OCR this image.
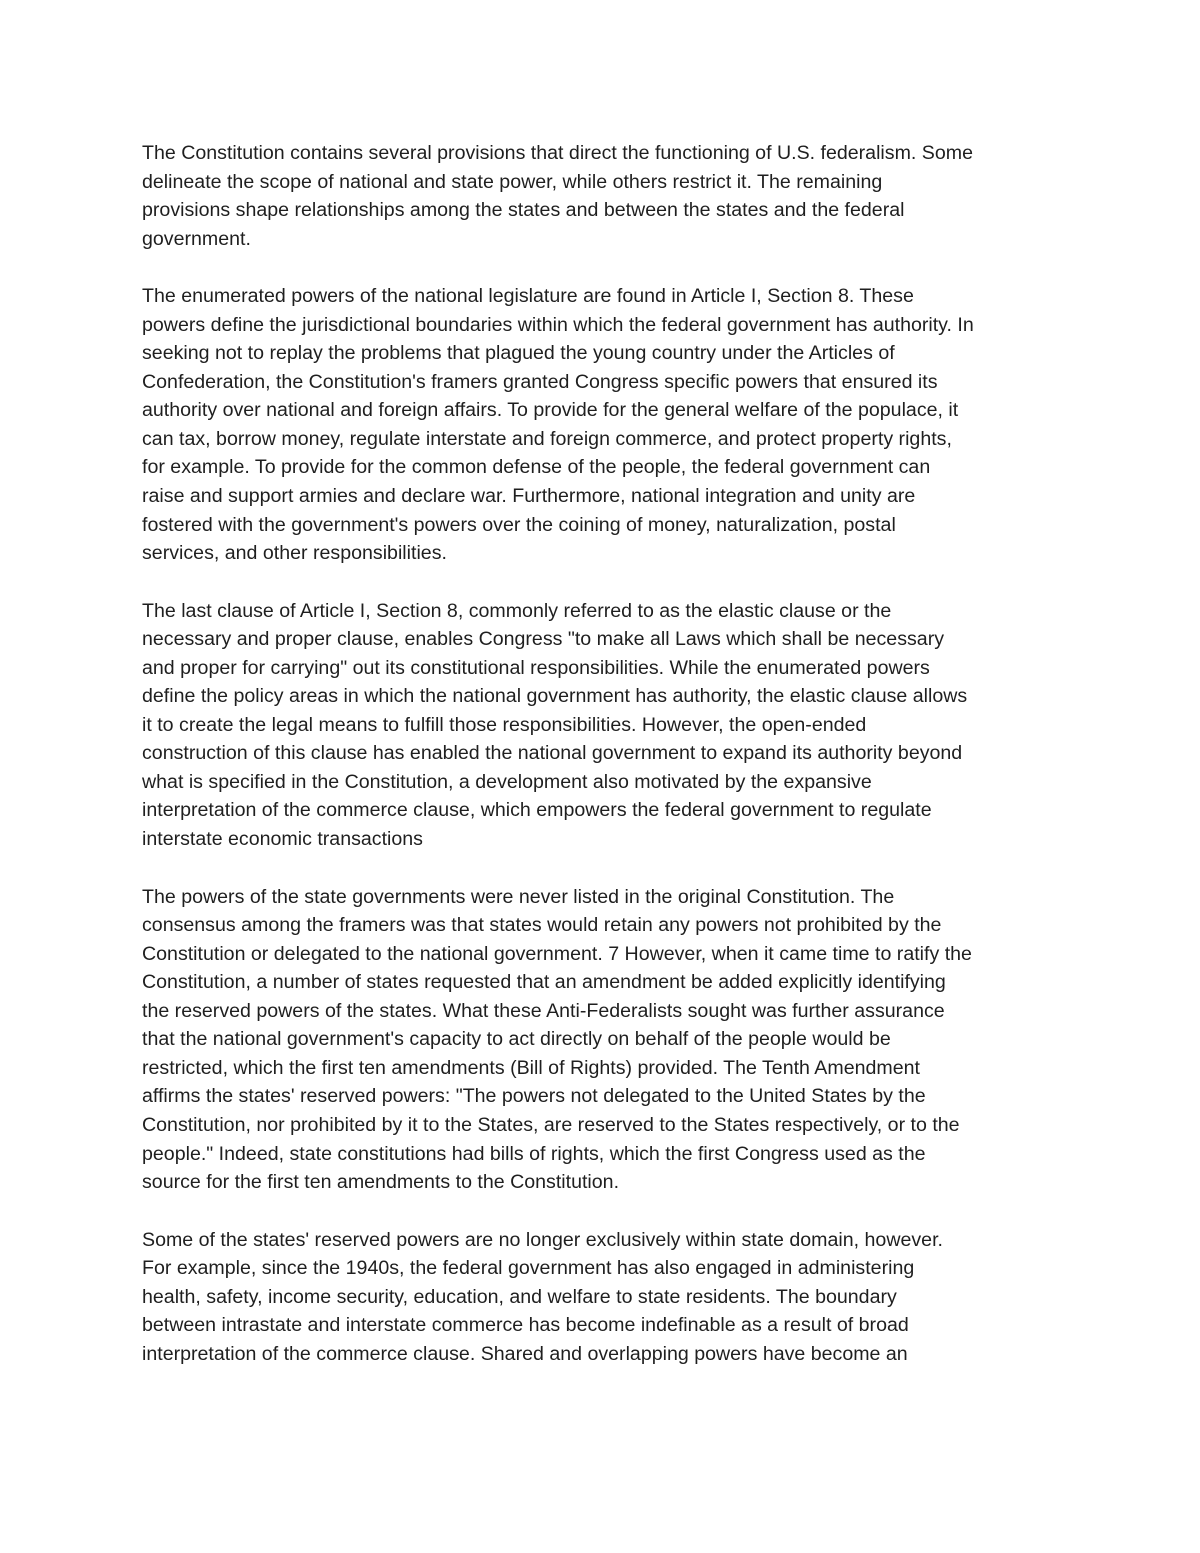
The Constitution contains several provisions that direct the functioning of U.S. federalism. Some
delineate the scope of national and state power, while others restrict it. The remaining
provisions shape relationships among the states and between the states and the federal
government.

The enumerated powers of the national legislature are found in Article I, Section 8. These
powers define the jurisdictional boundaries within which the federal government has authority. In
seeking not to replay the problems that plagued the young country under the Articles of
Confederation, the Constitution's framers granted Congress specific powers that ensured its
authority over national and foreign affairs. To provide for the general welfare of the populace, it
can tax, borrow money, regulate interstate and foreign commerce, and protect property rights,
for example. To provide for the common defense of the people, the federal government can
raise and support armies and declare war. Furthermore, national integration and unity are
fostered with the government's powers over the coining of money, naturalization, postal
services, and other responsibilities.

The last clause of Article I, Section 8, commonly referred to as the elastic clause or the
necessary and proper clause, enables Congress "to make all Laws which shall be necessary
and proper for carrying" out its constitutional responsibilities. While the enumerated powers
define the policy areas in which the national government has authority, the elastic clause allows
it to create the legal means to fulfill those responsibilities. However, the open-ended
construction of this clause has enabled the national government to expand its authority beyond
what is specified in the Constitution, a development also motivated by the expansive
interpretation of the commerce clause, which empowers the federal government to regulate
interstate economic transactions

The powers of the state governments were never listed in the original Constitution. The
consensus among the framers was that states would retain any powers not prohibited by the
Constitution or delegated to the national government. 7 However, when it came time to ratify the
Constitution, a number of states requested that an amendment be added explicitly identifying
the reserved powers of the states. What these Anti-Federalists sought was further assurance
that the national government's capacity to act directly on behalf of the people would be
restricted, which the first ten amendments (Bill of Rights) provided. The Tenth Amendment
affirms the states' reserved powers: "The powers not delegated to the United States by the
Constitution, nor prohibited by it to the States, are reserved to the States respectively, or to the
people." Indeed, state constitutions had bills of rights, which the first Congress used as the
source for the first ten amendments to the Constitution.

Some of the states' reserved powers are no longer exclusively within state domain, however.
For example, since the 1940s, the federal government has also engaged in administering
health, safety, income security, education, and welfare to state residents. The boundary
between intrastate and interstate commerce has become indefinable as a result of broad
interpretation of the commerce clause. Shared and overlapping powers have become an
